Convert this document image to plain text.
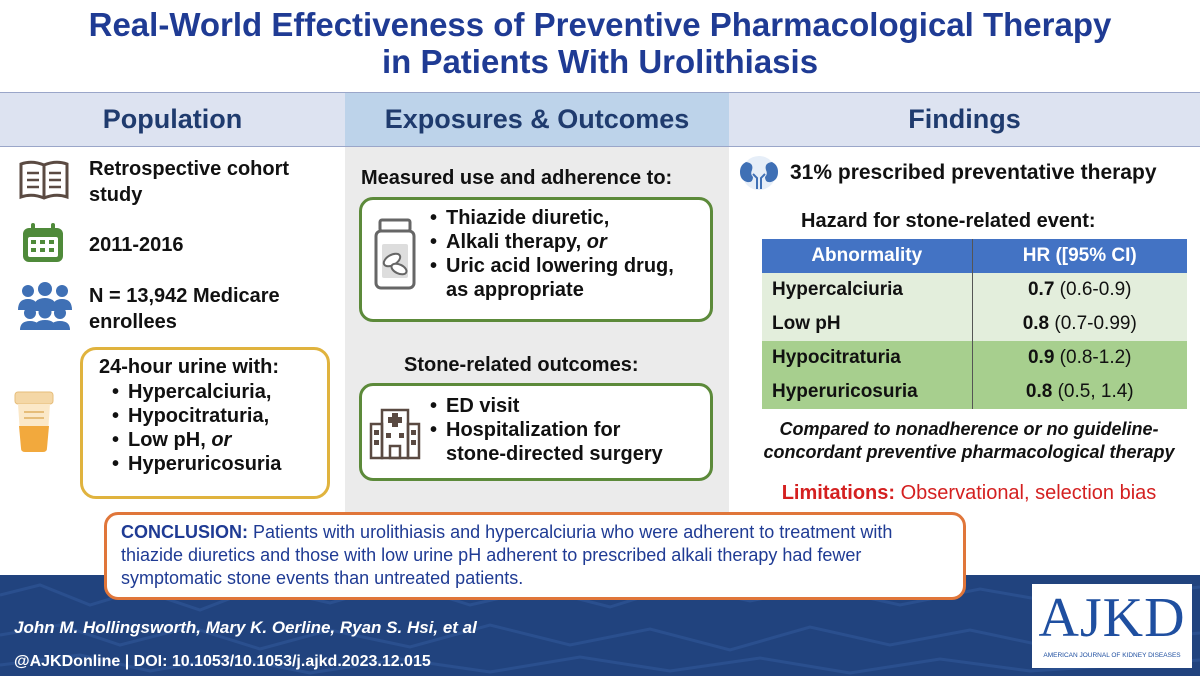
Real-World Effectiveness of Preventive Pharmacological Therapy
in Patients With Urolithiasis
Population	Exposures & Outcomes	Findings
Retrospective cohort
study
2011-2016
N = 13,942 Medicare
enrollees
24-hour urine with:
• Hypercalciuria,
• Hypocitraturia,
• Low pH, or
• Hyperuricosuria
Measured use and adherence to:
• Thiazide diuretic,
• Alkali therapy, or
• Uric acid lowering drug,
as appropriate
Stone-related outcomes:
• ED visit
• Hospitalization for
stone-directed surgery
31% prescribed preventative therapy
Hazard for stone-related event:
Abnormality	HR ([95% CI)
Hypercalciuria	0.7 (0.6-0.9)
Low pH	0.8 (0.7-0.99)
Hypocitraturia	0.9 (0.8-1.2)
Hyperuricosuria	0.8 (0.5, 1.4)
Compared to nonadherence or no guideline-
concordant preventive pharmacological therapy
Limitations: Observational, selection bias
John M. Hollingsworth, Mary K. Oerline, Ryan S. Hsi, et al
@AJKDonline | DOI: 10.1053/10.1053/j.ajkd.2023.12.015
CONCLUSION: Patients with urolithiasis and hypercalciuria who were adherent to treatment with thiazide diuretics and those with low urine pH adherent to prescribed alkali therapy had fewer symptomatic stone events than untreated patients.
AJKD
AMERICAN JOURNAL OF KIDNEY DISEASES
